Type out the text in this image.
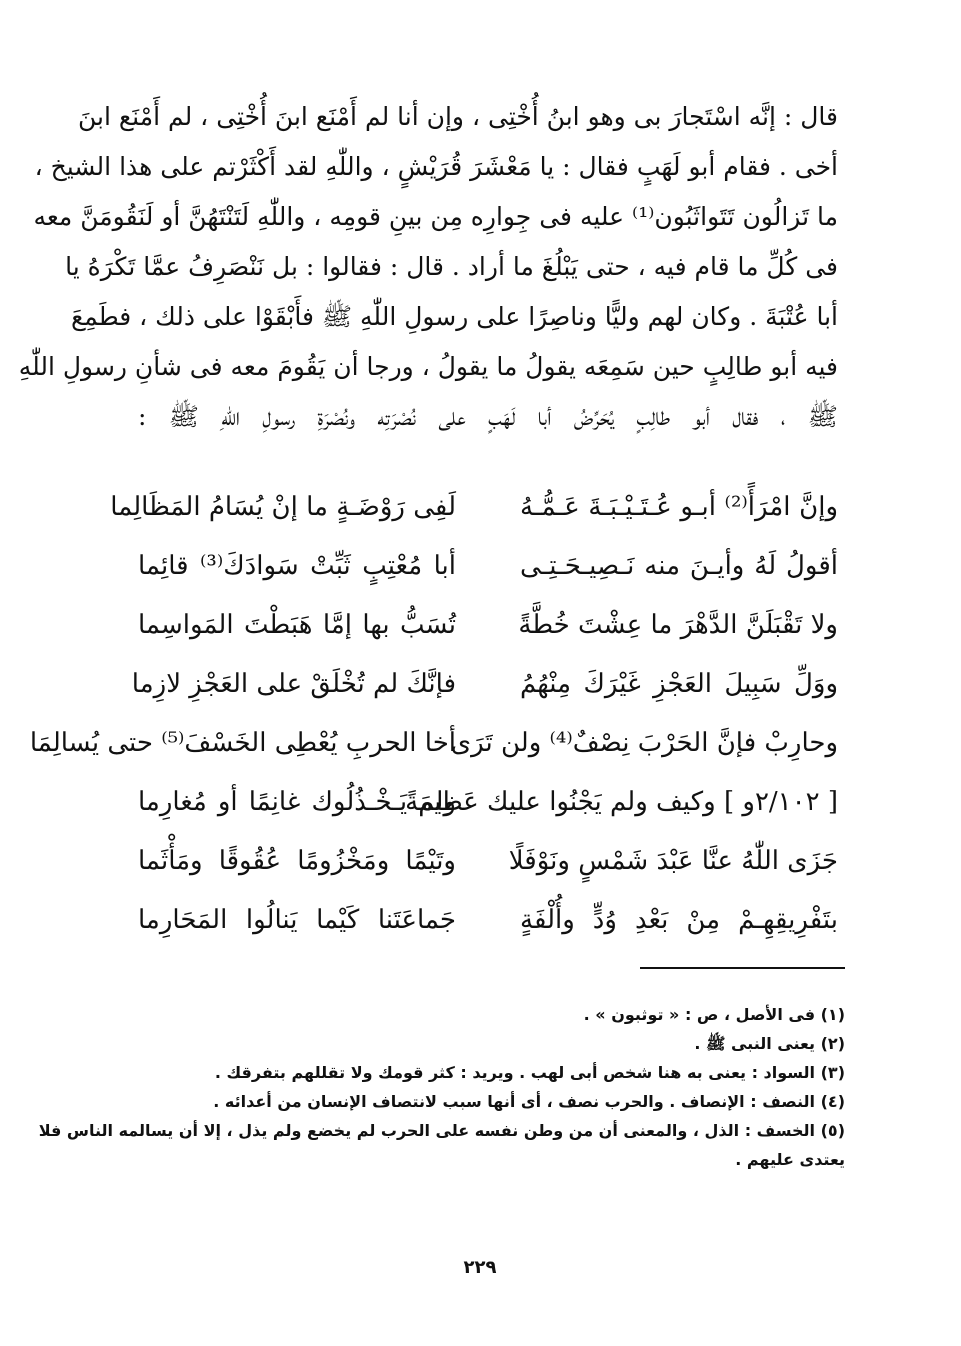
قال : إنَّه اسْتَجارَ بى وهو ابنُ أُخْتِى ، وإن أنا لم أَمْنَع ابنَ أُخْتِى ، لم أَمْنَع ابنَ
أخى . فقام أبو لَهَبٍ فقال : يا مَعْشَرَ قُرَيْشٍ ، واللّٰهِ لقد أَكْثَرْتم على هذا الشيخ ،
ما تَزالُون تَتَواثَبُون⁽¹⁾ عليه فى جِوارِه مِن بينِ قومِه ، واللّٰهِ لَتَنْتَهُنَّ أو لَنَقُومَنَّ معه
فى كُلِّ ما قام فيه ، حتى يَبْلُغَ ما أراد . قال : فقالوا : بل نَنْصَرِفُ عمَّا تَكْرَهُ يا
أبا عُتْبَةَ . وكان لهم وليًّا وناصِرًا على رسولِ اللّٰهِ ﷺ فأَبْقَوْا على ذلك ، فطَمِعَ
فيه أبو طالِبٍ حين سَمِعَه يقولُ ما يقولُ ، ورجا أن يَقُومَ معه فى شأنِ رسولِ اللّٰهِ
ﷺ ، فقال أبو طالِبٍ يُحَرِّضُ أبا لَهَبٍ على نُصْرَتِه ونُصْرَةِ رسولِ اللّٰهِ ﷺ :
وإنَّ امْرَأً⁽²⁾ أبـو عُـتَـيْـبَـةَ عَـمُّـهُ
لَفِى رَوْضَـةٍ ما إنْ يُسَامُ المَظَالِما
أقولُ لَهُ وأيـنَ منه نَـصِيـحَـتِـى
أبا مُعْتِبٍ ثَبِّتْ سَوادَكَ⁽³⁾ قائِما
ولا تَقْبَلَنَّ الدَّهْرَ ما عِشْتَ خُطَّةً
تُسَبُّ بها إمَّا هَبَطْتَ المَواسِما
ووَلِّ سَبِيلَ العَجْزِ غَيْرَكَ مِنْهُمُ
فإنَّكَ لم تُخْلَقْ على العَجْزِ لازِما
وحارِبْ فإنَّ الحَرْبَ نِصْفٌ⁽⁴⁾ ولن تَرَى
أخا الحربِ يُعْطِى الخَسْفَ⁽⁵⁾ حتى يُسالِمَا
[ ٢/١٠٢و ] وكيف ولم يَجْنُوا عليك عَظِيمَةً
ولم يَـخْـذُلُوك غانِمًا أو مُغارِما
جَزَى اللّٰهُ عنَّا عَبْدَ شَمْسٍ ونَوْفَلًا
وتَيْمًا ومَخْزُومًا عُقُوقًا ومَأْثَما
بتَفْرِيقِهِـمْ مِنْ بَعْدِ وُدٍّ وأُلْفَةٍ
جَماعَتَنا كَيْما يَنالُوا المَحَارِما
(١) فى الأصل ، ص : « توثبون » .
(٢) يعنى النبى ﷺ .
(٣) السواد : يعنى به هنا شخص أبى لهب . ويريد : كثر قومك ولا تقللهم بتفرقك .
(٤) النصف : الإنصاف . والحرب نصف ، أى أنها سبب لانتصاف الإنسان من أعدائه .
(٥) الخسف : الذل ، والمعنى أن من وطن نفسه على الحرب لم يخضع ولم يذل ، إلا أن يسالمه الناس فلا
يعتدى عليهم .
٢٢٩
